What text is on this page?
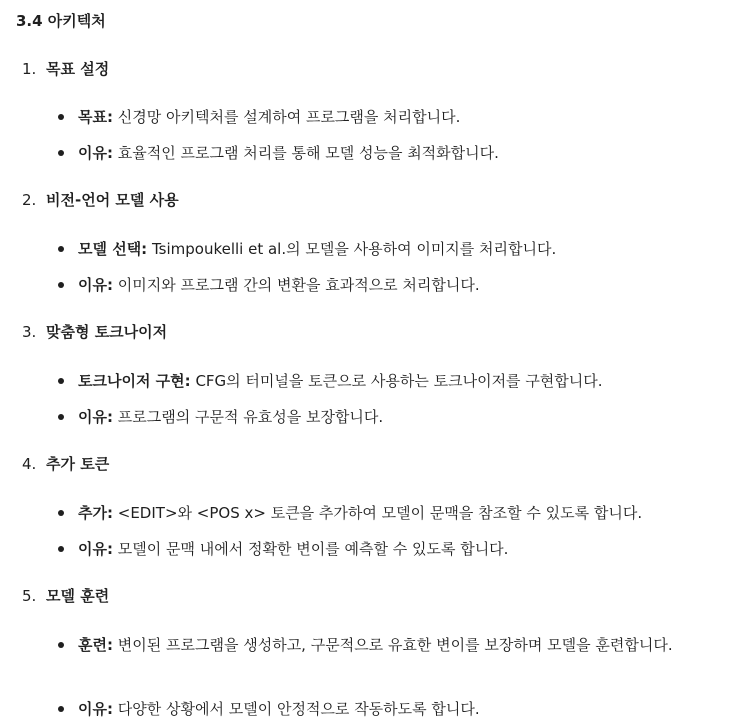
3.4 아키텍처
1. 목표 설정
목표: 신경망 아키텍처를 설계하여 프로그램을 처리합니다.
이유: 효율적인 프로그램 처리를 통해 모델 성능을 최적화합니다.
2. 비전-언어 모델 사용
모델 선택: Tsimpoukelli et al.의 모델을 사용하여 이미지를 처리합니다.
이유: 이미지와 프로그램 간의 변환을 효과적으로 처리합니다.
3. 맞춤형 토크나이저
토크나이저 구현: CFG의 터미널을 토큰으로 사용하는 토크나이저를 구현합니다.
이유: 프로그램의 구문적 유효성을 보장합니다.
4. 추가 토큰
추가: <EDIT>와 <POS x> 토큰을 추가하여 모델이 문맥을 참조할 수 있도록 합니다.
이유: 모델이 문맥 내에서 정확한 변이를 예측할 수 있도록 합니다.
5. 모델 훈련
훈련: 변이된 프로그램을 생성하고, 구문적으로 유효한 변이를 보장하며 모델을 훈련합니다.
이유: 다양한 상황에서 모델이 안정적으로 작동하도록 합니다.
